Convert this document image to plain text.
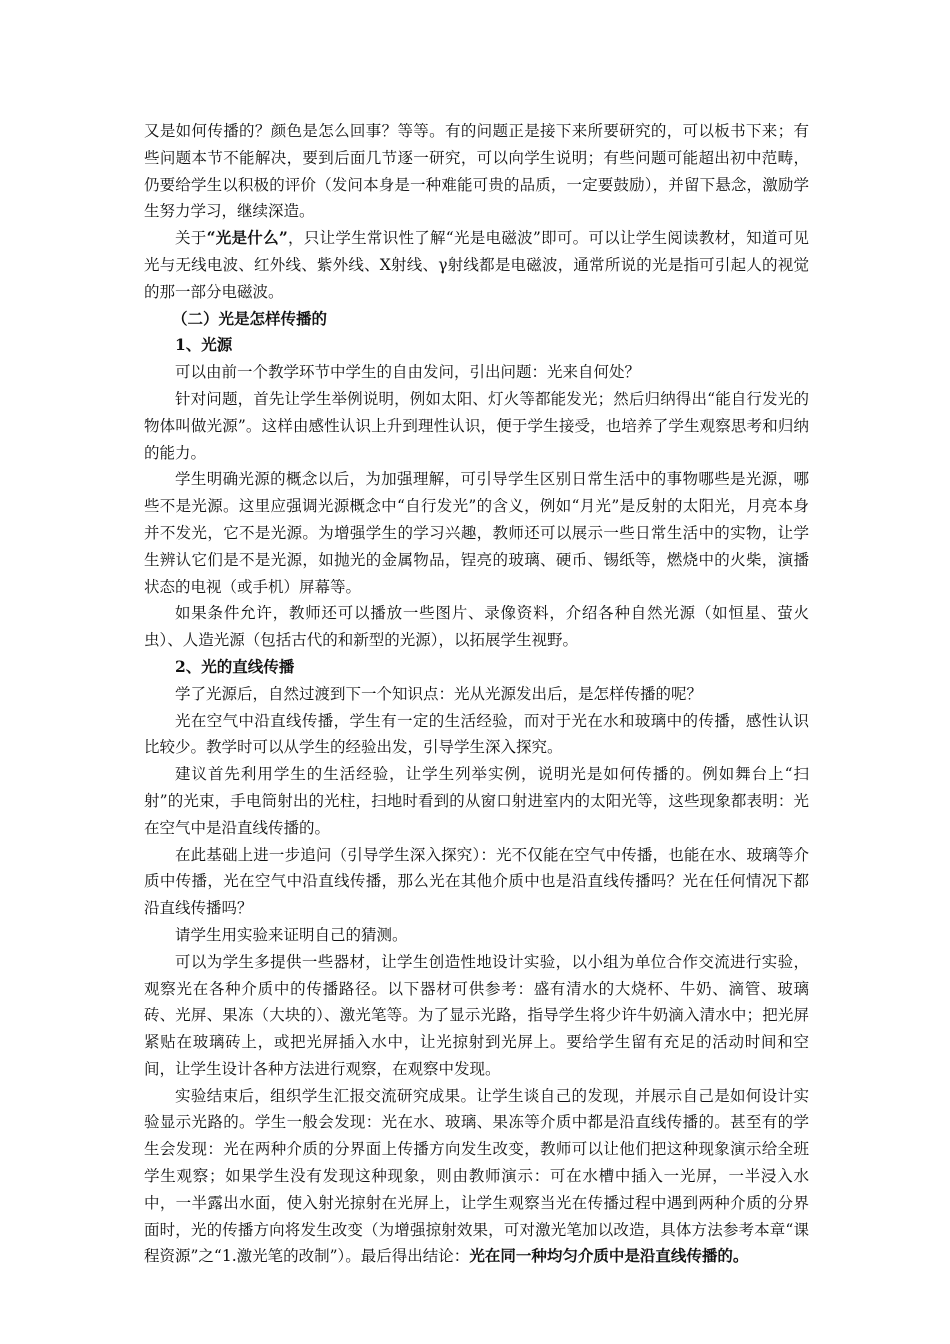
又是如何传播的？颜色是怎么回事？等等。有的问题正是接下来所要研究的，可以板书下来；有些问题本节不能解决，要到后面几节逐一研究，可以向学生说明；有些问题可能超出初中范畴，仍要给学生以积极的评价（发问本身是一种难能可贵的品质，一定要鼓励），并留下悬念，激励学生努力学习，继续深造。

关于“光是什么”，只让学生常识性了解“光是电磁波”即可。可以让学生阅读教材，知道可见光与无线电波、红外线、紫外线、X射线、γ射线都是电磁波，通常所说的光是指可引起人的视觉的那一部分电磁波。

（二）光是怎样传播的

1、光源

可以由前一个教学环节中学生的自由发问，引出问题：光来自何处？

针对问题，首先让学生举例说明，例如太阳、灯火等都能发光；然后归纳得出“能自行发光的物体叫做光源”。这样由感性认识上升到理性认识，便于学生接受，也培养了学生观察思考和归纳的能力。

学生明确光源的概念以后，为加强理解，可引导学生区别日常生活中的事物哪些是光源，哪些不是光源。这里应强调光源概念中“自行发光”的含义，例如“月光”是反射的太阳光，月亮本身并不发光，它不是光源。为增强学生的学习兴趣，教师还可以展示一些日常生活中的实物，让学生辨认它们是不是光源，如抛光的金属物品，锃亮的玻璃、硬币、锡纸等，燃烧中的火柴，演播状态的电视（或手机）屏幕等。

如果条件允许，教师还可以播放一些图片、录像资料，介绍各种自然光源（如恒星、萤火虫）、人造光源（包括古代的和新型的光源），以拓展学生视野。

2、光的直线传播

学了光源后，自然过渡到下一个知识点：光从光源发出后，是怎样传播的呢？

光在空气中沿直线传播，学生有一定的生活经验，而对于光在水和玻璃中的传播，感性认识比较少。教学时可以从学生的经验出发，引导学生深入探究。

建议首先利用学生的生活经验，让学生列举实例，说明光是如何传播的。例如舞台上“扫射”的光束，手电筒射出的光柱，扫地时看到的从窗口射进室内的太阳光等，这些现象都表明：光在空气中是沿直线传播的。

在此基础上进一步追问（引导学生深入探究）：光不仅能在空气中传播，也能在水、玻璃等介质中传播，光在空气中沿直线传播，那么光在其他介质中也是沿直线传播吗？光在任何情况下都沿直线传播吗？

请学生用实验来证明自己的猜测。

可以为学生多提供一些器材，让学生创造性地设计实验，以小组为单位合作交流进行实验，观察光在各种介质中的传播路径。以下器材可供参考：盛有清水的大烧杯、牛奶、滴管、玻璃砖、光屏、果冻（大块的）、激光笔等。为了显示光路，指导学生将少许牛奶滴入清水中；把光屏紧贴在玻璃砖上，或把光屏插入水中，让光掠射到光屏上。要给学生留有充足的活动时间和空间，让学生设计各种方法进行观察，在观察中发现。

实验结束后，组织学生汇报交流研究成果。让学生谈自己的发现，并展示自己是如何设计实验显示光路的。学生一般会发现：光在水、玻璃、果冻等介质中都是沿直线传播的。甚至有的学生会发现：光在两种介质的分界面上传播方向发生改变，教师可以让他们把这种现象演示给全班学生观察；如果学生没有发现这种现象，则由教师演示：可在水槽中插入一光屏，一半浸入水中，一半露出水面，使入射光掠射在光屏上，让学生观察当光在传播过程中遇到两种介质的分界面时，光的传播方向将发生改变（为增强掠射效果，可对激光笔加以改造，具体方法参考本章“课程资源”之“1.激光笔的改制”）。最后得出结论：光在同一种均匀介质中是沿直线传播的。
